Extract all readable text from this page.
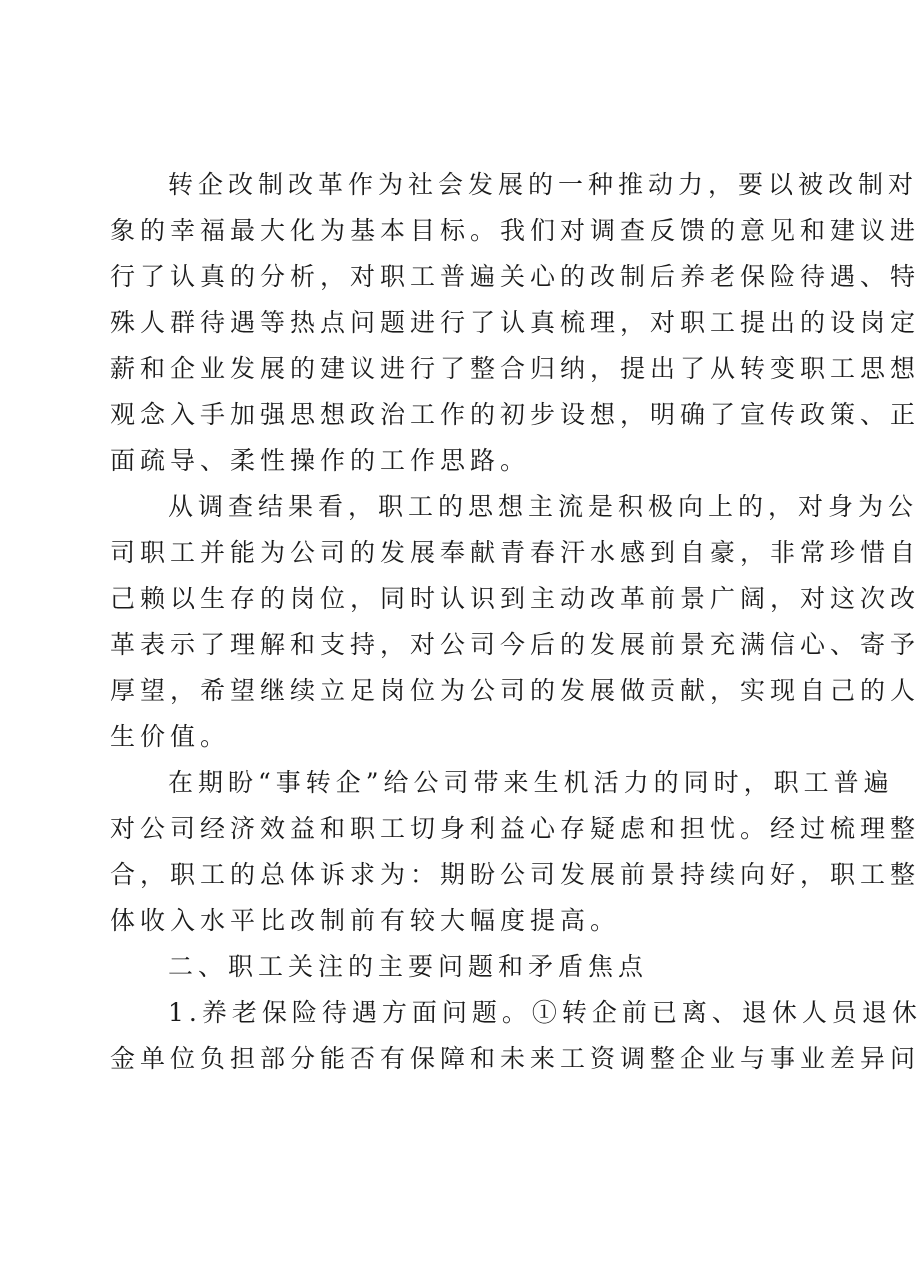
转企改制改革作为社会发展的一种推动力，要以被改制对
象的幸福最大化为基本目标。我们对调查反馈的意见和建议进
行了认真的分析，对职工普遍关心的改制后养老保险待遇、特
殊人群待遇等热点问题进行了认真梳理，对职工提出的设岗定
薪和企业发展的建议进行了整合归纳，提出了从转变职工思想
观念入手加强思想政治工作的初步设想，明确了宣传政策、正
面疏导、柔性操作的工作思路。
从调查结果看，职工的思想主流是积极向上的，对身为公
司职工并能为公司的发展奉献青春汗水感到自豪，非常珍惜自
己赖以生存的岗位，同时认识到主动改革前景广阔，对这次改
革表示了理解和支持，对公司今后的发展前景充满信心、寄予
厚望，希望继续立足岗位为公司的发展做贡献，实现自己的人
生价值。
在期盼“事转企”给公司带来生机活力的同时，职工普遍
对公司经济效益和职工切身利益心存疑虑和担忧。经过梳理整
合，职工的总体诉求为：期盼公司发展前景持续向好，职工整
体收入水平比改制前有较大幅度提高。
二、职工关注的主要问题和矛盾焦点
1.养老保险待遇方面问题。①转企前已离、退休人员退休
金单位负担部分能否有保障和未来工资调整企业与事业差异问
